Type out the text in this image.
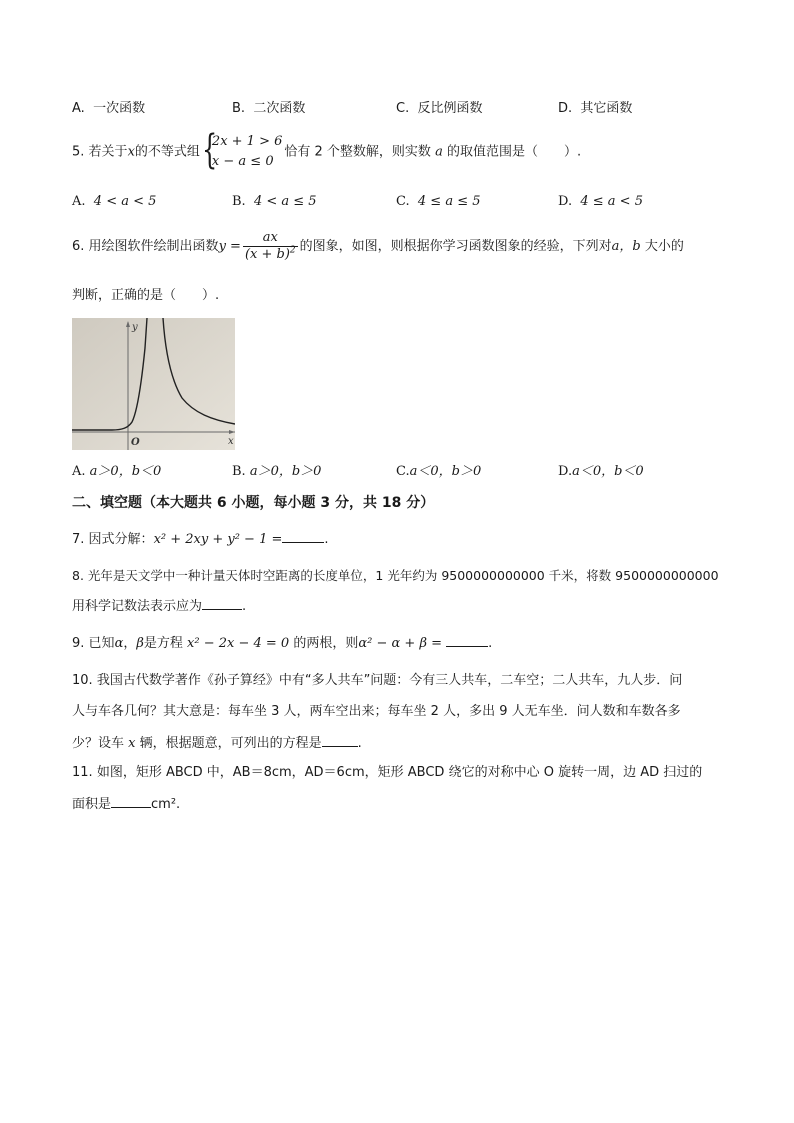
A. 一次函数	B. 二次函数	C. 反比例函数	D. 其它函数
5. 若关于x的不等式组 {
2x + 1 > 6
x − a ≤ 0
恰有 2 个整数解，则实数 a 的取值范围是（　　）.
A. 4 < a < 5	B. 4 < a ≤ 5	C. 4 ≤ a ≤ 5	D. 4 ≤ a < 5
6. 用绘图软件绘制出函数$y = \frac{ax}{(x + b)^2}$ 的图象，如图，则根据你学习函数图象的经验，下列对a，b 大小的
判断，正确的是（　　）.
y
O	x
A. a＞0，b＜0	B. a＞0，b＞0	C.a＜0，b＞0	D.a＜0，b＜0
二、填空题（本大题共 6 小题，每小题 3 分，共 18 分）
7. 因式分解：x² + 2xy + y² − 1 =	.
8. 光年是天文学中一种计量天体时空距离的长度单位，1 光年约为 9500000000000 千米，将数 9500000000000
用科学记数法表示应为	.
9. 已知α，β是方程 x² − 2x − 4 = 0 的两根，则α² − α + β =	.
10. 我国古代数学著作《孙子算经》中有“多人共车”问题：今有三人共车，二车空；二人共车，九人步．问
人与车各几何？其大意是：每车坐 3 人，两车空出来；每车坐 2 人，多出 9 人无车坐．问人数和车数各多
少？设车 x 辆，根据题意，可列出的方程是	.
11. 如图，矩形 ABCD 中，AB＝8cm，AD＝6cm，矩形 ABCD 绕它的对称中心 O 旋转一周，边 AD 扫过的
面积是	cm².
